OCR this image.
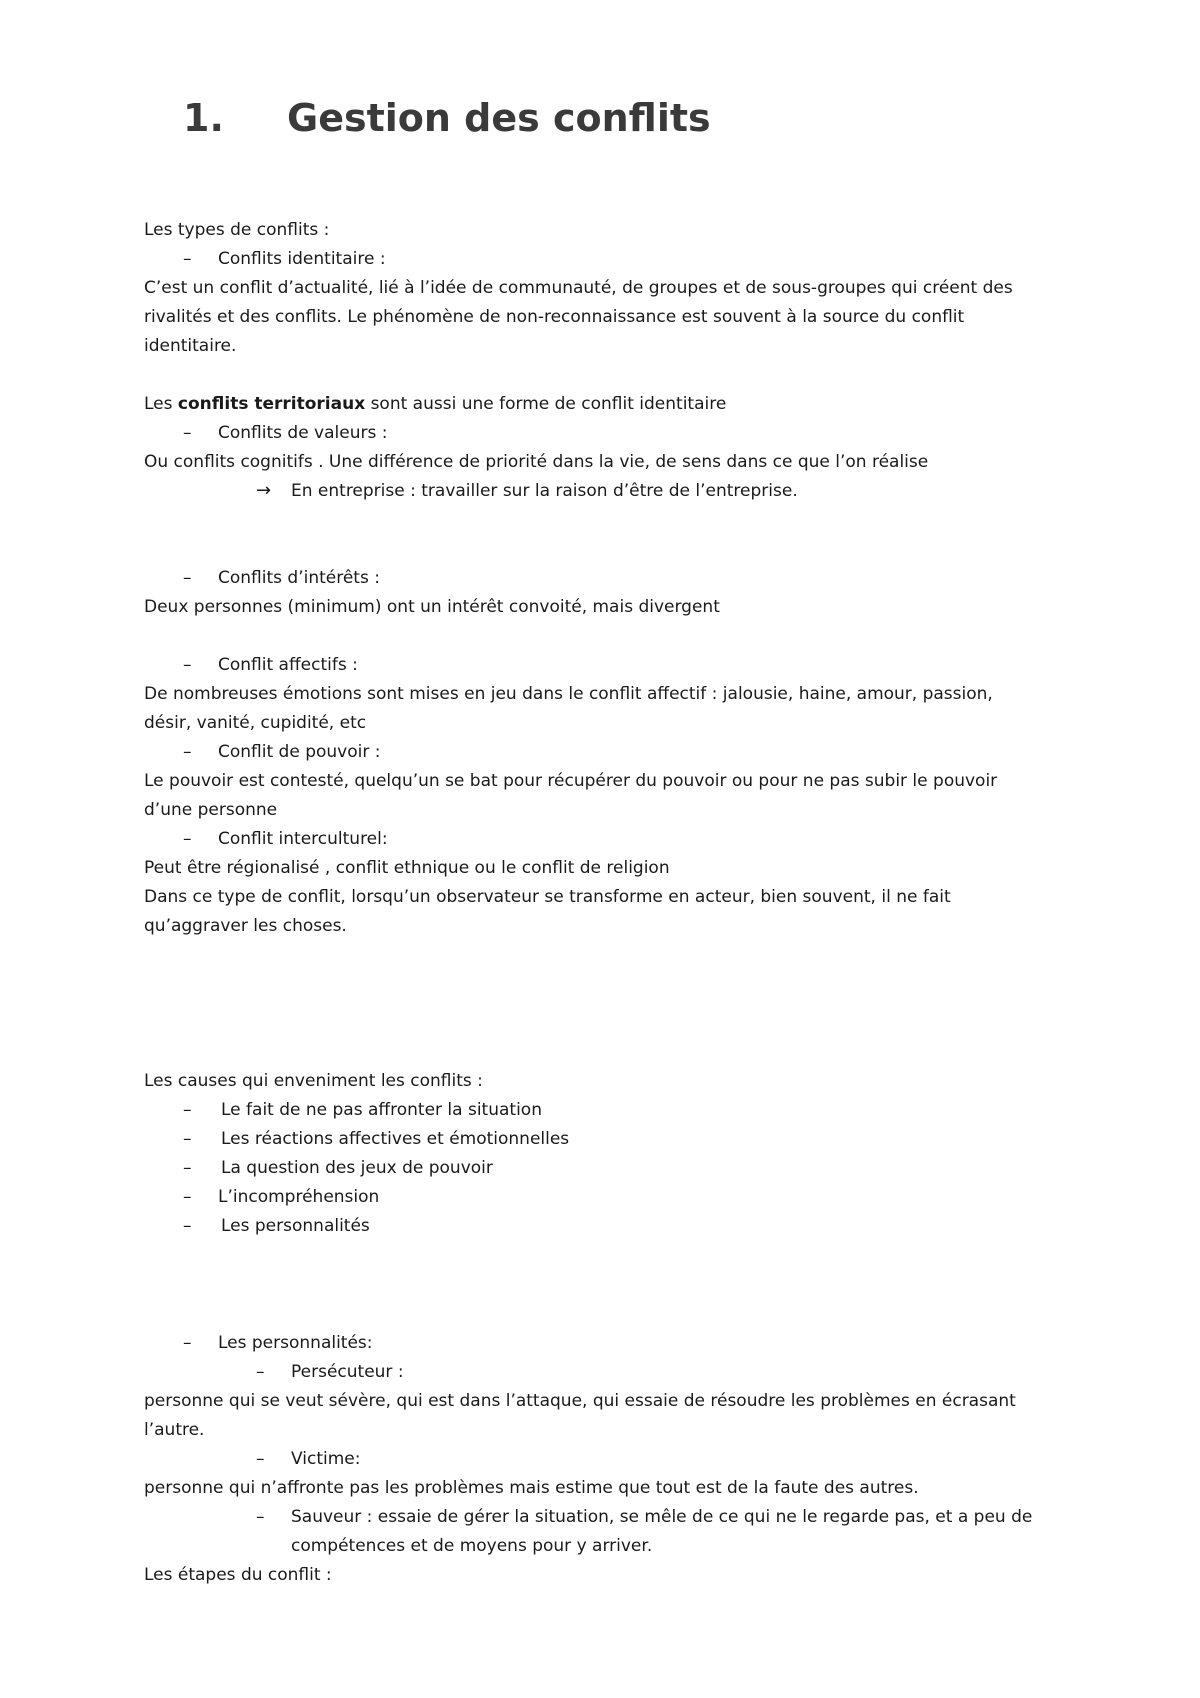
1. Gestion des conflits
Les types de conflits :
– Conflits identitaire :
C’est un conflit d’actualité, lié à l’idée de communauté, de groupes et de sous-groupes qui créent des
rivalités et des conflits. Le phénomène de non-reconnaissance est souvent à la source du conflit
identitaire.
Les conflits territoriaux sont aussi une forme de conflit identitaire
– Conflits de valeurs :
Ou conflits cognitifs . Une différence de priorité dans la vie, de sens dans ce que l’on réalise
→ En entreprise : travailler sur la raison d’être de l’entreprise.
– Conflits d’intérêts :
Deux personnes (minimum) ont un intérêt convoité, mais divergent
– Conflit affectifs :
De nombreuses émotions sont mises en jeu dans le conflit affectif : jalousie, haine, amour, passion,
désir, vanité, cupidité, etc
– Conflit de pouvoir :
Le pouvoir est contesté, quelqu’un se bat pour récupérer du pouvoir ou pour ne pas subir le pouvoir
d’une personne
– Conflit interculturel:
Peut être régionalisé , conflit ethnique ou le conflit de religion
Dans ce type de conflit, lorsqu’un observateur se transforme en acteur, bien souvent, il ne fait
qu’aggraver les choses.
Les causes qui enveniment les conflits :
– Le fait de ne pas affronter la situation
– Les réactions affectives et émotionnelles
– La question des jeux de pouvoir
– L’incompréhension
– Les personnalités
– Les personnalités:
– Persécuteur :
personne qui se veut sévère, qui est dans l’attaque, qui essaie de résoudre les problèmes en écrasant
l’autre.
– Victime:
personne qui n’affronte pas les problèmes mais estime que tout est de la faute des autres.
– Sauveur : essaie de gérer la situation, se mêle de ce qui ne le regarde pas, et a peu de
compétences et de moyens pour y arriver.
Les étapes du conflit :
